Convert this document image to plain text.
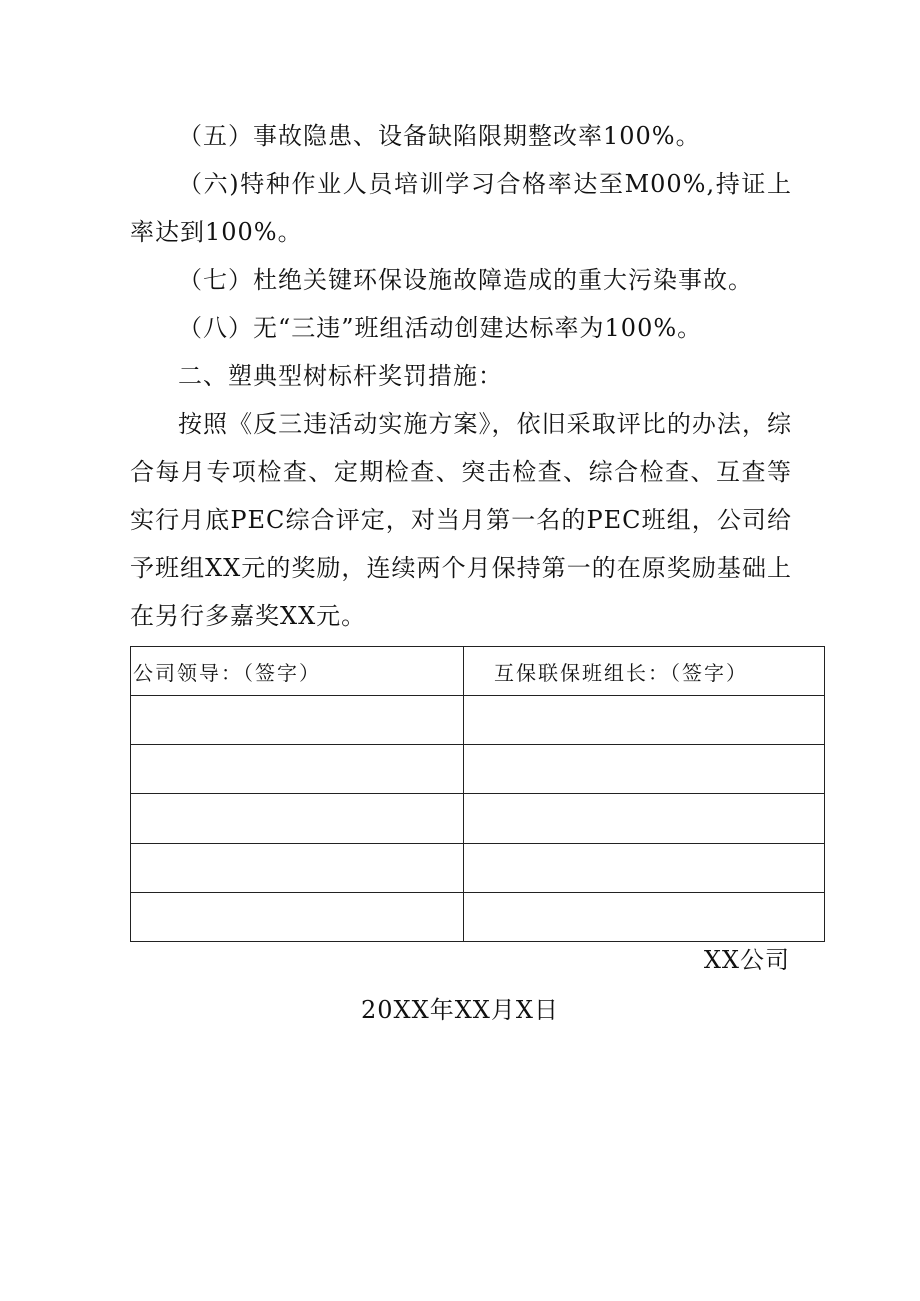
（五）事故隐患、设备缺陷限期整改率100%。

（六)特种作业人员培训学习合格率达至M00%,持证上率达到100%。

（七）杜绝关键环保设施故障造成的重大污染事故。

（八）无“三违”班组活动创建达标率为100%。

二、塑典型树标杆奖罚措施：

按照《反三违活动实施方案》，依旧采取评比的办法，综合每月专项检查、定期检查、突击检查、综合检查、互查等实行月底PEC综合评定，对当月第一名的PEC班组，公司给予班组XX元的奖励，连续两个月保持第一的在原奖励基础上在另行多嘉奖XX元。

公司领导：（签字）	互保联保班组长：（签字）

XX公司
20XX年XX月X日
